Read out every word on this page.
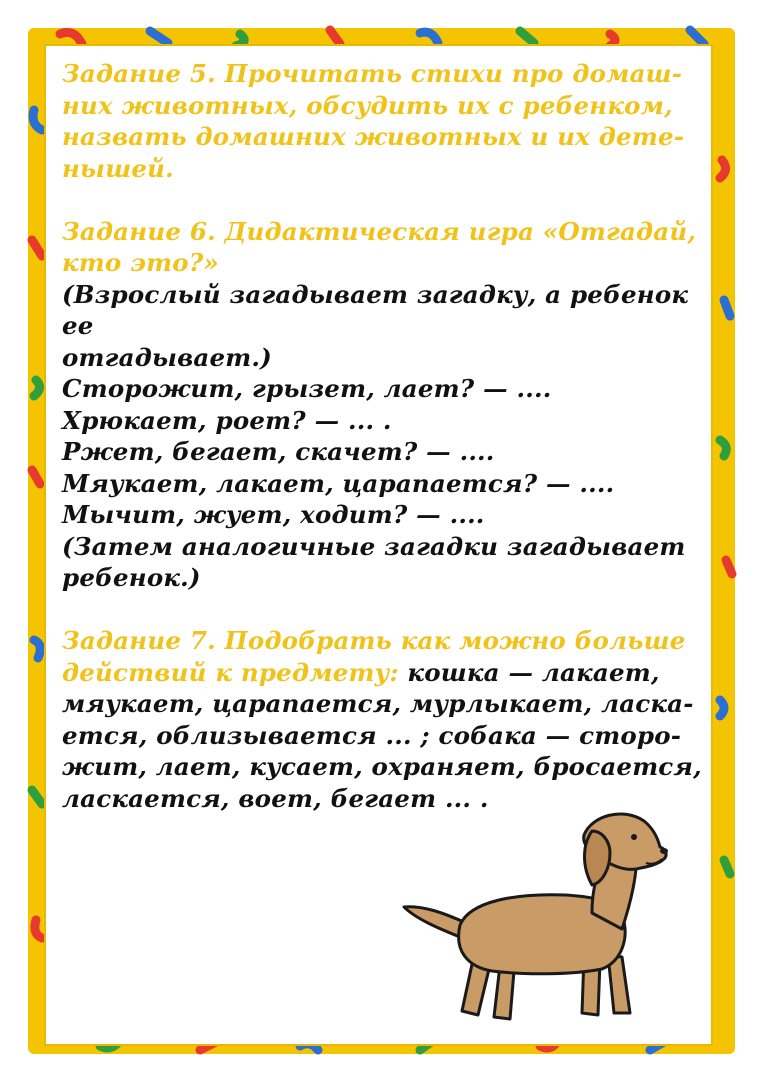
Задание 5. Прочитать стихи про домаш-

них животных, обсудить их с ребенком,

назвать домашних животных и их дете-

нышей.

Задание 6. Дидактическая игра «Отгадай,

кто это?»

(Взрослый загадывает загадку, а ребенок ее

отгадывает.)

Сторожит, грызет, лает? — ....

Хрюкает, роет? — ... .

Ржет, бегает, скачет? — ....

Мяукает, лакает, царапается? — ....

Мычит, жует, ходит? — ....

(Затем аналогичные загадки загадывает

ребенок.)

Задание 7. Подобрать как можно больше

действий к предмету: кошка — лакает,

мяукает, царапается, мурлыкает, ласка-

ется, облизывается ... ; собака — сторо-

жит, лает, кусает, охраняет, бросается,

ласкается, воет, бегает ... .
